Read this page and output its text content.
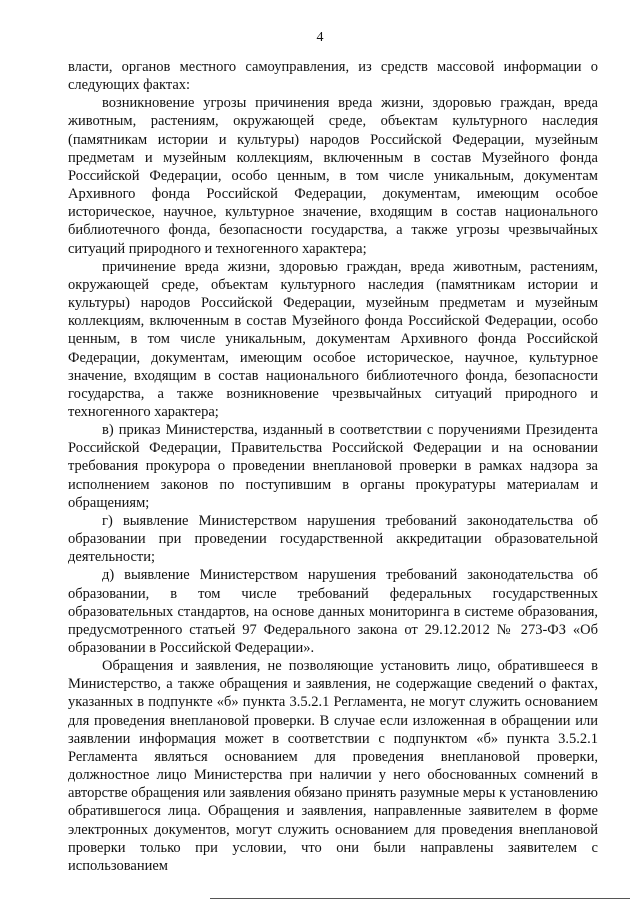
4

власти, органов местного самоуправления, из средств массовой информации о следующих фактах:

возникновение угрозы причинения вреда жизни, здоровью граждан, вреда животным, растениям, окружающей среде, объектам культурного наследия (памятникам истории и культуры) народов Российской Федерации, музейным предметам и музейным коллекциям, включенным в состав Музейного фонда Российской Федерации, особо ценным, в том числе уникальным, документам Архивного фонда Российской Федерации, документам, имеющим особое историческое, научное, культурное значение, входящим в состав национального библиотечного фонда, безопасности государства, а также угрозы чрезвычайных ситуаций природного и техногенного характера;

причинение вреда жизни, здоровью граждан, вреда животным, растениям, окружающей среде, объектам культурного наследия (памятникам истории и культуры) народов Российской Федерации, музейным предметам и музейным коллекциям, включенным в состав Музейного фонда Российской Федерации, особо ценным, в том числе уникальным, документам Архивного фонда Российской Федерации, документам, имеющим особое историческое, научное, культурное значение, входящим в состав национального библиотечного фонда, безопасности государства, а также возникновение чрезвычайных ситуаций природного и техногенного характера;

в) приказ Министерства, изданный в соответствии с поручениями Президента Российской Федерации, Правительства Российской Федерации и на основании требования прокурора о проведении внеплановой проверки в рамках надзора за исполнением законов по поступившим в органы прокуратуры материалам и обращениям;

г) выявление Министерством нарушения требований законодательства об образовании при проведении государственной аккредитации образовательной деятельности;

д) выявление Министерством нарушения требований законодательства об образовании, в том числе требований федеральных государственных образовательных стандартов, на основе данных мониторинга в системе образования, предусмотренного статьей 97 Федерального закона от 29.12.2012 № 273-ФЗ «Об образовании в Российской Федерации».

Обращения и заявления, не позволяющие установить лицо, обратившееся в Министерство, а также обращения и заявления, не содержащие сведений о фактах, указанных в подпункте «б» пункта 3.5.2.1 Регламента, не могут служить основанием для проведения внеплановой проверки. В случае если изложенная в обращении или заявлении информация может в соответствии с подпунктом «б» пункта 3.5.2.1 Регламента являться основанием для проведения внеплановой проверки, должностное лицо Министерства при наличии у него обоснованных сомнений в авторстве обращения или заявления обязано принять разумные меры к установлению обратившегося лица. Обращения и заявления, направленные заявителем в форме электронных документов, могут служить основанием для проведения внеплановой проверки только при условии, что они были направлены заявителем с использованием
